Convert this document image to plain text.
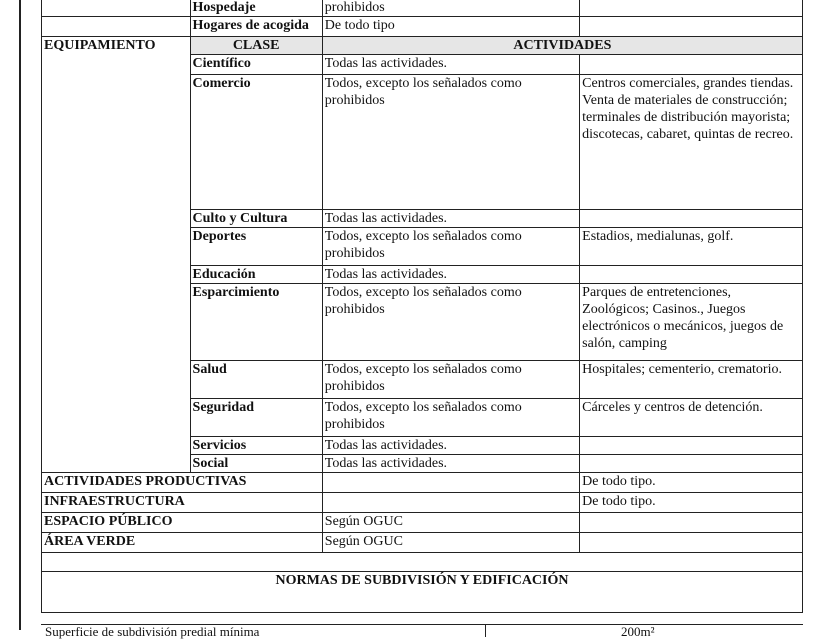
	Hospedaje	prohibidos	
	Hogares de acogida	De todo tipo	
EQUIPAMIENTO	CLASE	ACTIVIDADES	
	Científico	Todas las actividades.	
	Comercio	Todos, excepto los señalados como prohibidos	Centros comerciales, grandes tiendas. Venta de materiales de construcción; terminales de distribución mayorista; discotecas, cabaret, quintas de recreo.
	Culto y Cultura	Todas las actividades.	
	Deportes	Todos, excepto los señalados como prohibidos	Estadios, medialunas, golf.
	Educación	Todas las actividades.	
	Esparcimiento	Todos, excepto los señalados como prohibidos	Parques de entretenciones, Zoológicos; Casinos., Juegos electrónicos o mecánicos, juegos de salón, camping
	Salud	Todos, excepto los señalados como prohibidos	Hospitales; cementerio, crematorio.
	Seguridad	Todos, excepto los señalados como prohibidos	Cárceles y centros de detención.
	Servicios	Todas las actividades.	
	Social	Todas las actividades.	
ACTIVIDADES PRODUCTIVAS			De todo tipo.
INFRAESTRUCTURA			De todo tipo.
ESPACIO PÚBLICO		Según OGUC	
ÁREA VERDE		Según OGUC	

NORMAS DE SUBDIVISIÓN Y EDIFICACIÓN			
Superficie de subdivisión predial mínima	200m²
